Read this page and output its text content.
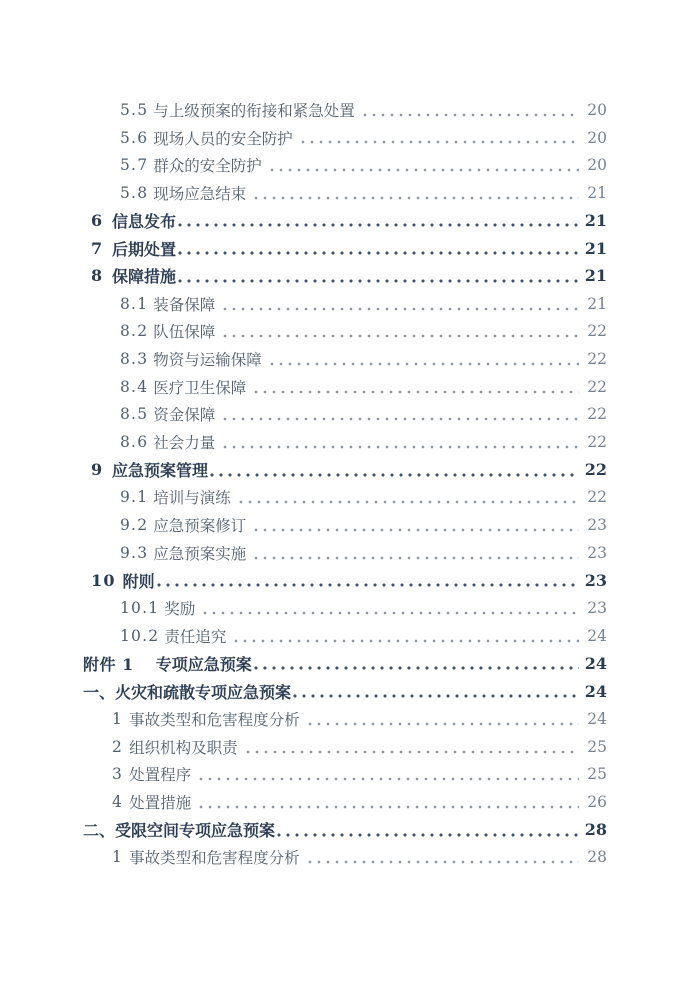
5.5 与上级预案的衔接和紧急处置	20
5.6 现场人员的安全防护	20
5.7 群众的安全防护	20
5.8 现场应急结束	21
6 信息发布	21
7 后期处置	21
8 保障措施	21
8.1 装备保障	21
8.2 队伍保障	22
8.3 物资与运输保障	22
8.4 医疗卫生保障	22
8.5 资金保障	22
8.6 社会力量	22
9 应急预案管理	22
9.1 培训与演练	22
9.2 应急预案修订	23
9.3 应急预案实施	23
10 附则	23
10.1 奖励	23
10.2 责任追究	24
附件 1 专项应急预案	24
一、 火灾和疏散专项应急预案	24
1 事故类型和危害程度分析	24
2 组织机构及职责	25
3 处置程序	25
4 处置措施	26
二、 受限空间专项应急预案	28
1 事故类型和危害程度分析	28
